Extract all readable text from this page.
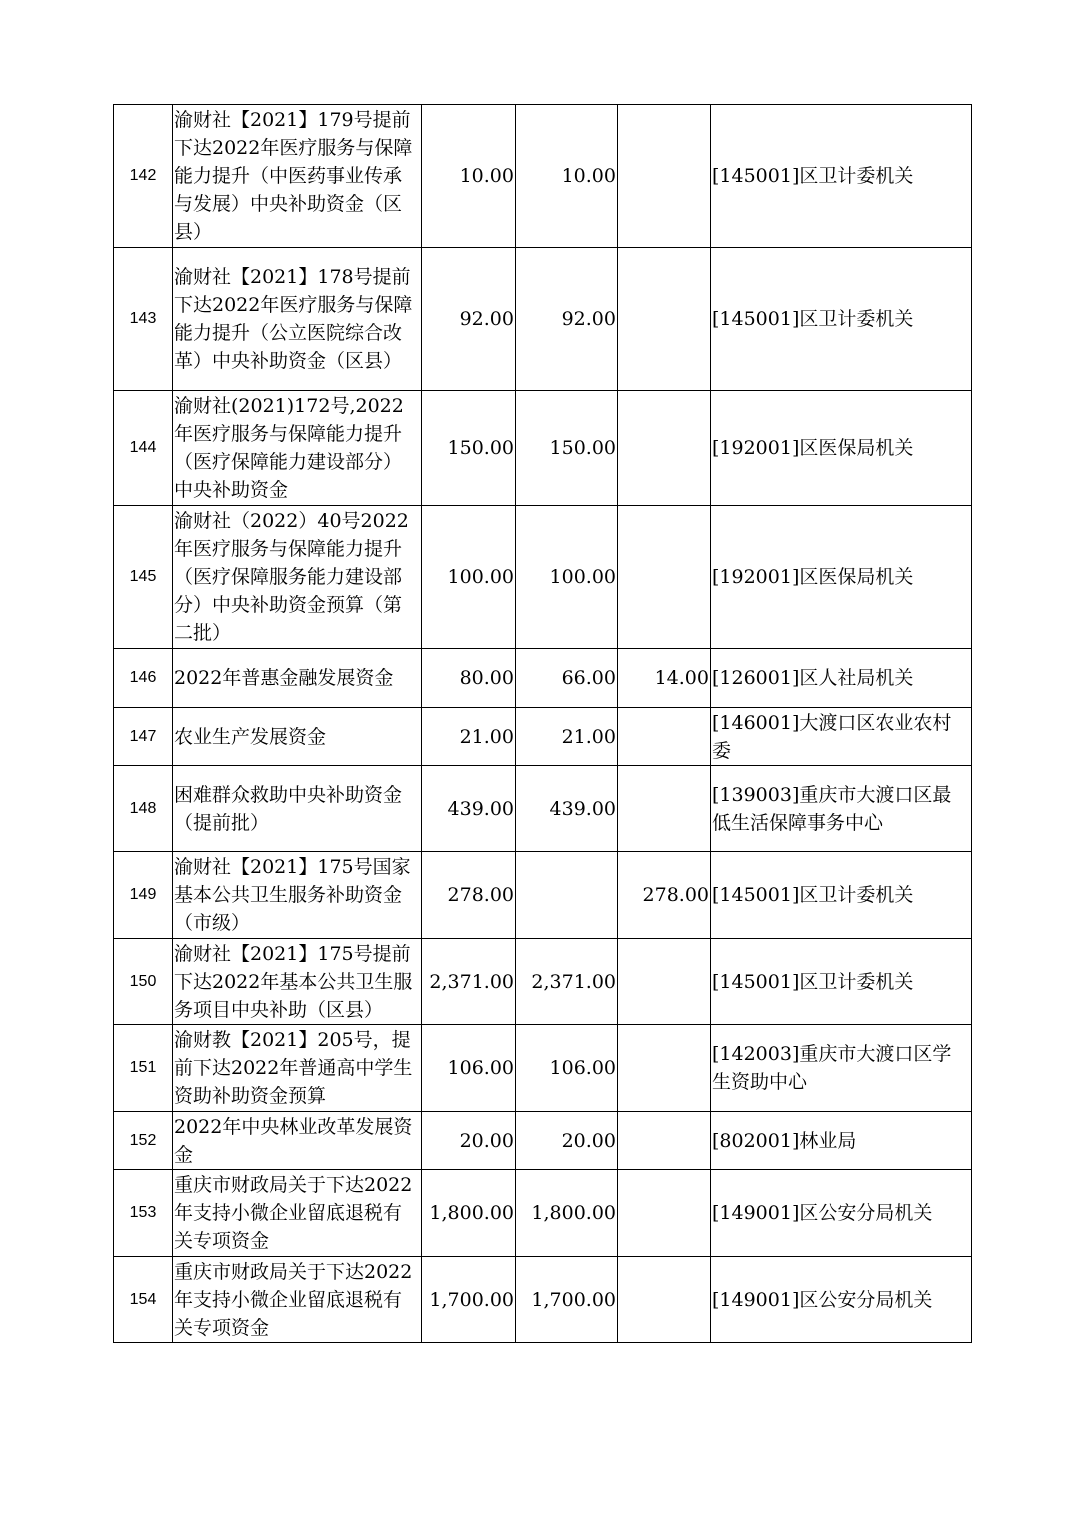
142	渝财社【2021】179号提前下达2022年医疗服务与保障能力提升（中医药事业传承与发展）中央补助资金（区县）	10.00	10.00		[145001]区卫计委机关
143	渝财社【2021】178号提前下达2022年医疗服务与保障能力提升（公立医院综合改革）中央补助资金（区县）	92.00	92.00		[145001]区卫计委机关
144	渝财社(2021)172号,2022年医疗服务与保障能力提升（医疗保障能力建设部分）中央补助资金	150.00	150.00		[192001]区医保局机关
145	渝财社（2022）40号2022年医疗服务与保障能力提升（医疗保障服务能力建设部分）中央补助资金预算（第二批）	100.00	100.00		[192001]区医保局机关
146	2022年普惠金融发展资金	80.00	66.00	14.00	[126001]区人社局机关
147	农业生产发展资金	21.00	21.00		[146001]大渡口区农业农村委
148	困难群众救助中央补助资金（提前批）	439.00	439.00		[139003]重庆市大渡口区最低生活保障事务中心
149	渝财社【2021】175号国家基本公共卫生服务补助资金（市级）	278.00		278.00	[145001]区卫计委机关
150	渝财社【2021】175号提前下达2022年基本公共卫生服务项目中央补助（区县）	2,371.00	2,371.00		[145001]区卫计委机关
151	渝财教【2021】205号，提前下达2022年普通高中学生资助补助资金预算	106.00	106.00		[142003]重庆市大渡口区学生资助中心
152	2022年中央林业改革发展资金	20.00	20.00		[802001]林业局
153	重庆市财政局关于下达2022年支持小微企业留底退税有关专项资金	1,800.00	1,800.00		[149001]区公安分局机关
154	重庆市财政局关于下达2022年支持小微企业留底退税有关专项资金	1,700.00	1,700.00		[149001]区公安分局机关
